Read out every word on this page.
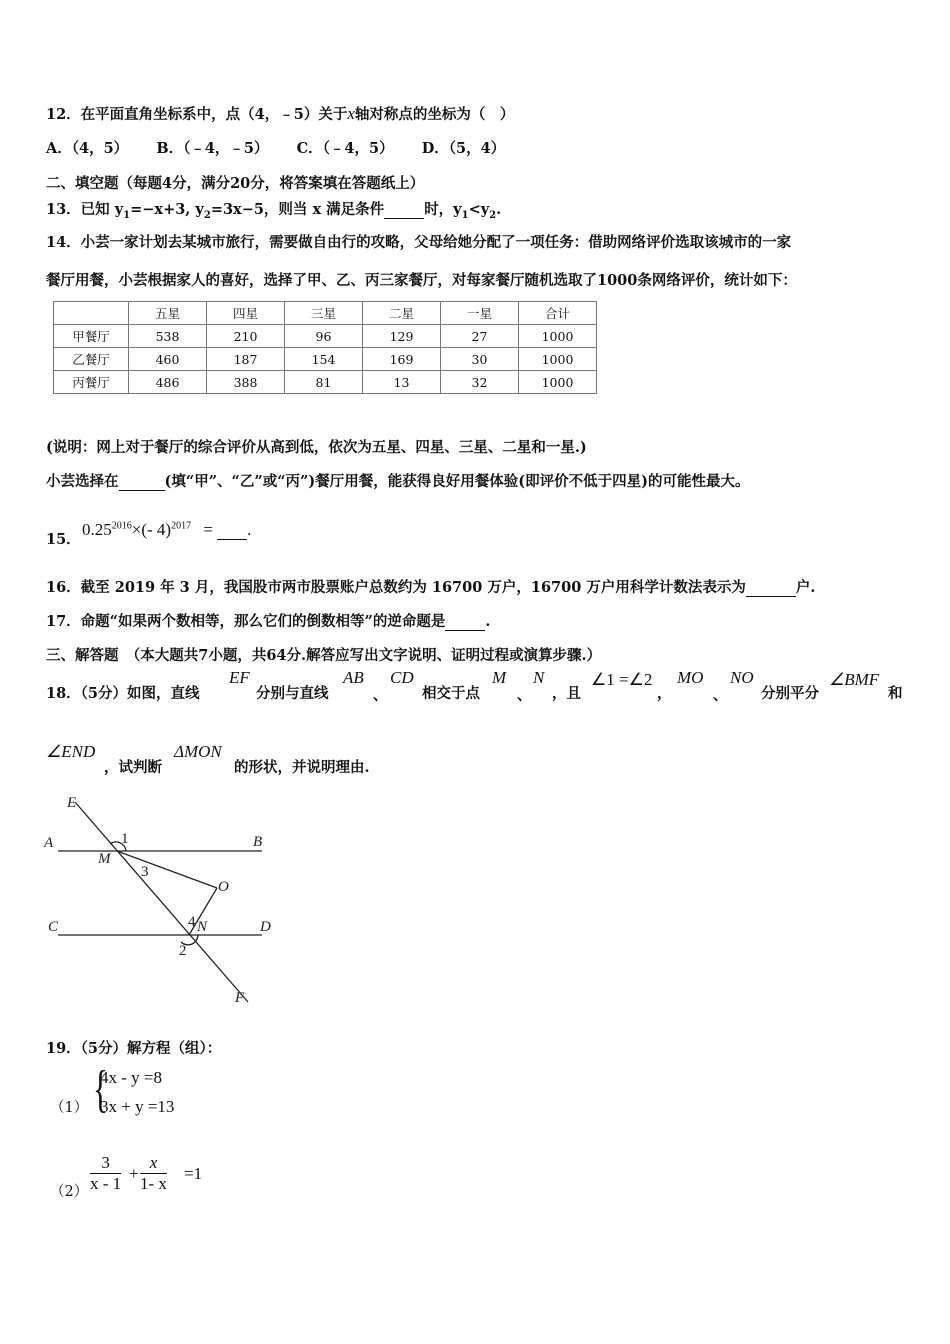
12．在平面直角坐标系中，点（4，﹣5）关于x轴对称点的坐标为（　）
A．（4，5） B．（﹣4，﹣5） C．（﹣4，5） D．（5，4）
二、填空题（每题4分，满分20分，将答案填在答题纸上）
13．已知 $y_1=-x+3$, $y_2=3x-5$，则当 x 满足条件	时，$y_1<y_2$.
14．小芸一家计划去某城市旅行，需要做自由行的攻略，父母给她分配了一项任务：借助网络评价选取该城市的一家
餐厅用餐，小芸根据家人的喜好，选择了甲、乙、丙三家餐厅，对每家餐厅随机选取了1000条网络评价，统计如下：
	五星	四星	三星	二星	一星	合计
甲餐厅	538	210	96	129	27	1000
乙餐厅	460	187	154	169	30	1000
丙餐厅	486	388	81	13	32	1000
(说明：网上对于餐厅的综合评价从高到低，依次为五星、四星、三星、二星和一星.)
小芸选择在	(填“甲”、“乙”或“丙”)餐厅用餐，能获得良好用餐体验(即评价不低于四星)的可能性最大。
15．
$0.25^{2016}\times(-$ 4)$^{2017}$ = .
16．截至 2019 年 3 月，我国股市两市股票账户总数约为 16700 万户，16700 万户用科学计数法表示为	户.
17．命题“如果两个数相等，那么它们的倒数相等”的逆命题是	.
三、解答题　（本大题共7小题，共64分.解答应写出文字说明、证明过程或演算步骤.）
18．（5分）如图，直线
EF
分别与直线
AB
、
CD
相交于点
M
、
N
，且
∠1 =∠2
，
MO
、
NO
分别平分
∠BMF
和
∠END
，试判断
ΔMON
的形状，并说明理由.
E
A	B
M
1
3
O
4 N
C	D
2
F
19．（5分）解方程（组）：
（1） {
4x - y =8
3x + y =13
$(2) \frac{3}{x - 1} + \frac{x}{1- x} =1$
